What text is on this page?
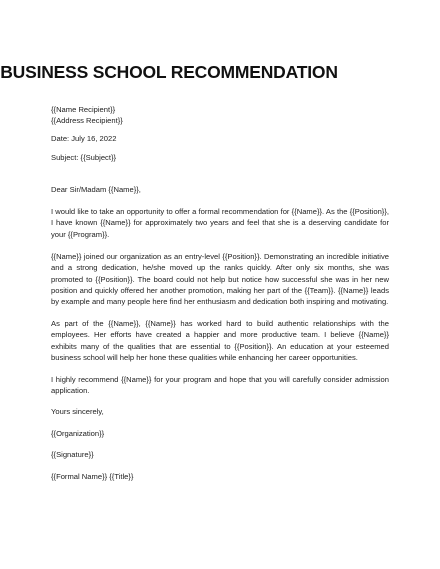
BUSINESS SCHOOL RECOMMENDATION

{{Name Recipient}}
{{Address Recipient}}

Date: July 16, 2022

Subject: {{Subject}}

Dear Sir/Madam {{Name}},

I would like to take an opportunity to offer a formal recommendation for {{Name}}. As the {{Position}}, I have known {{Name}} for approximately two years and feel that she is a deserving candidate for your {{Program}}.

{{Name}} joined our organization as an entry-level {{Position}}. Demonstrating an incredible initiative and a strong dedication, he/she moved up the ranks quickly. After only six months, she was promoted to {{Position}}. The board could not help but notice how successful she was in her new position and quickly offered her another promotion, making her part of the {{Team}}. {{Name}} leads by example and many people here find her enthusiasm and dedication both inspiring and motivating.

As part of the {{Name}}, {{Name}} has worked hard to build authentic relationships with the employees. Her efforts have created a happier and more productive team. I believe {{Name}} exhibits many of the qualities that are essential to {{Position}}. An education at your esteemed business school will help her hone these qualities while enhancing her career opportunities.

I highly recommend {{Name}} for your program and hope that you will carefully consider admission application.

Yours sincerely,

{{Organization}}

{{Signature}}

{{Formal Name}} {{Title}}
